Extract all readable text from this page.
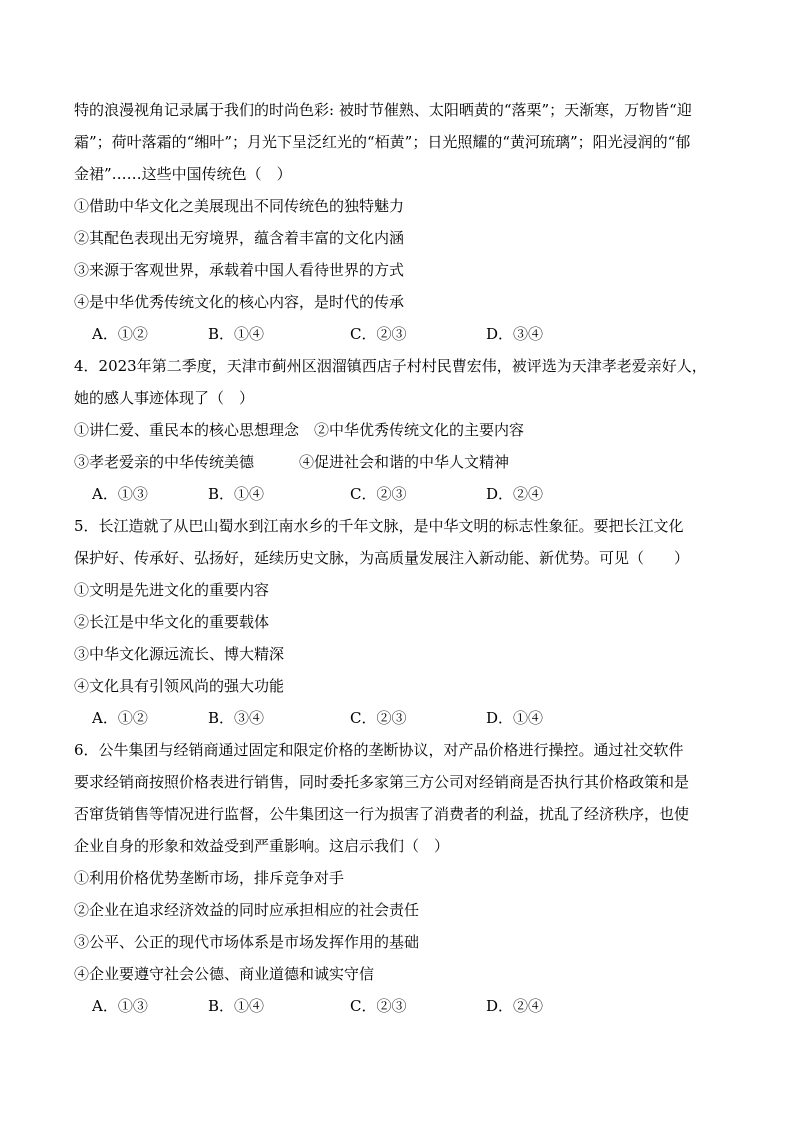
特的浪漫视角记录属于我们的时尚色彩: 被时节催熟、太阳晒黄的“落栗”；天渐寒，万物皆“迎
霜”；荷叶落霜的“缃叶”；月光下呈泛红光的“栢黄”；日光照耀的“黄河琉璃”；阳光浸润的“郁
金裙”……这些中国传统色（　）
①借助中华文化之美展现出不同传统色的独特魅力
②其配色表现出无穷境界，蕴含着丰富的文化内涵
③来源于客观世界，承载着中国人看待世界的方式
④是中华优秀传统文化的核心内容，是时代的传承
A．①②	B．①④	C．②③	D．③④
4．2023年第二季度，天津市蓟州区洇溜镇西店子村村民曹宏伟，被评选为天津孝老爱亲好人，
她的感人事迹体现了（　）
①讲仁爱、重民本的核心思想理念　②中华优秀传统文化的主要内容
③孝老爱亲的中华传统美德　　　④促进社会和谐的中华人文精神
A．①③	B．①④	C．②③	D．②④
5．长江造就了从巴山蜀水到江南水乡的千年文脉，是中华文明的标志性象征。要把长江文化
保护好、传承好、弘扬好，延续历史文脉，为高质量发展注入新动能、新优势。可见（　　）
①文明是先进文化的重要内容
②长江是中华文化的重要载体
③中华文化源远流长、博大精深
④文化具有引领风尚的强大功能
A．①②	B．③④	C．②③	D．①④
6．公牛集团与经销商通过固定和限定价格的垄断协议，对产品价格进行操控。通过社交软件
要求经销商按照价格表进行销售，同时委托多家第三方公司对经销商是否执行其价格政策和是
否窜货销售等情况进行监督，公牛集团这一行为损害了消费者的利益，扰乱了经济秩序，也使
企业自身的形象和效益受到严重影响。这启示我们（　）
①利用价格优势垄断市场，排斥竞争对手
②企业在追求经济效益的同时应承担相应的社会责任
③公平、公正的现代市场体系是市场发挥作用的基础
④企业要遵守社会公德、商业道德和诚实守信
A．①③	B．①④	C．②③	D．②④
